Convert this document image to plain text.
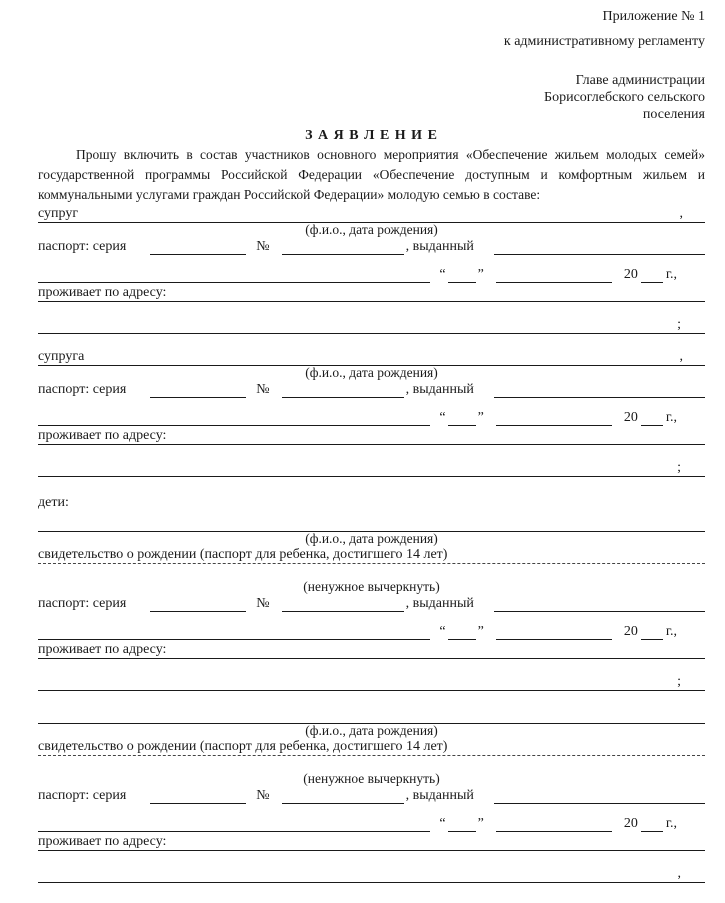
Приложение № 1
к административному регламенту
Главе администрации
Борисоглебского сельского
поселения
З А Я В Л Е Н И Е

Прошу включить в состав участников основного мероприятия «Обеспечение жильем молодых семей» государственной программы Российской Федерации «Обеспечение доступным и комфортным жильем и коммунальными услугами граждан Российской Федерации» молодую семью в составе:

супруг	,
(ф.и.о., дата рождения)
паспорт: серия	№	, выданный
“ ”	20 г.,
проживает по адресу:
;
супруга	,
(ф.и.о., дата рождения)
паспорт: серия	№	, выданный
“ ”	20 г.,
проживает по адресу:
;
дети:
(ф.и.о., дата рождения)
свидетельство о рождении (паспорт для ребенка, достигшего 14 лет)
(ненужное вычеркнуть)
паспорт: серия	№	, выданный
“ ”	20 г.,
проживает по адресу:
;
(ф.и.о., дата рождения)
свидетельство о рождении (паспорт для ребенка, достигшего 14 лет)
(ненужное вычеркнуть)
паспорт: серия	№	, выданный
“ ”	20 г.,
проживает по адресу:
,
